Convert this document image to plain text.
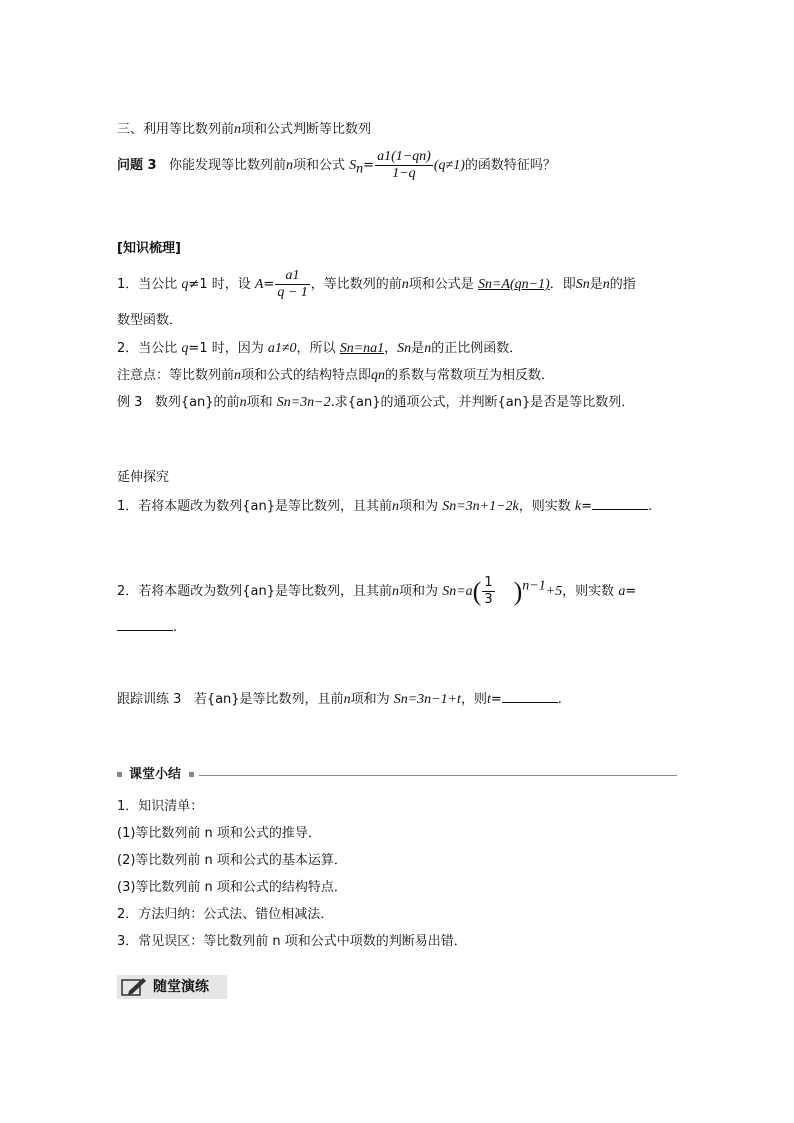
三、利用等比数列前n项和公式判断等比数列
问题 3 你能发现等比数列前n项和公式 $S_n= \frac{a1(1-qn)}{1-q} (q\ne 1)$的函数特征吗？
[知识梳理]
1．当公比 q≠1 时，设 $A= \frac{a1}{q - 1}$ ，等比数列的前n项和公式是 Sn=A(qn−1)．即Sn是n的指
数型函数．
2．当公比 q=1 时，因为 a1≠0，所以 Sn=na1，Sn是n的正比例函数．
注意点：等比数列前n项和公式的结构特点即qn的系数与常数项互为相反数．
例 3 数列{an}的前n项和 Sn=3n−2.求{an}的通项公式，并判断{an}是否是等比数列．
延伸探究
1．若将本题改为数列{an}是等比数列，且其前n项和为 Sn=3n+1−2k，则实数 k=	.
2．若将本题改为数列{an}是等比数列，且其前n项和为 $Sn=a( \frac{1}{3} )^{n-1}+5$，则实数 a=
.
跟踪训练 3 若{an}是等比数列，且前n项和为 Sn=3n−1+t，则t=	.
课堂小结
1．知识清单：
(1)等比数列前 n 项和公式的推导．
(2)等比数列前 n 项和公式的基本运算．
(3)等比数列前 n 项和公式的结构特点．
2．方法归纳：公式法、错位相减法．
3．常见误区：等比数列前 n 项和公式中项数的判断易出错．
随堂演练
